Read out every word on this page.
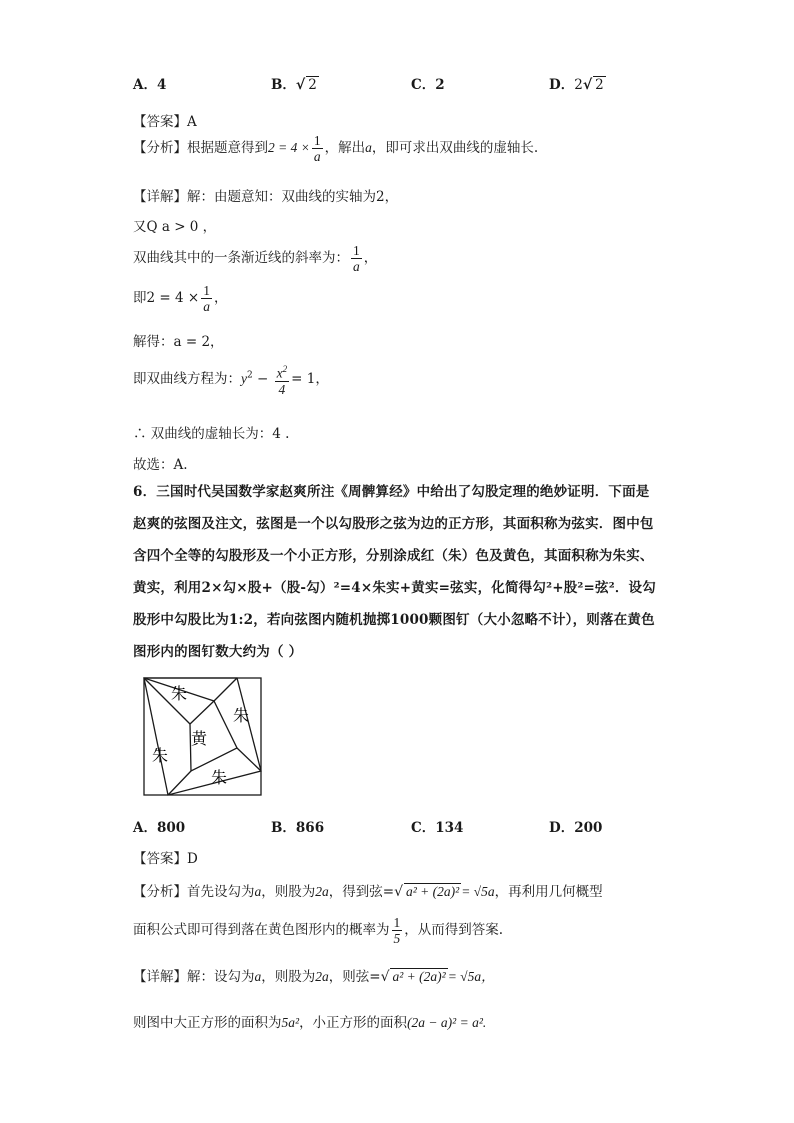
A．4	B．√ 2	C．2	D．2√ 2
【答案】A
【分析】根据题意得到$2 = 4 \times \frac{1}{a}$ ，解出a，即可求出双曲线的虚轴长.
【详解】解：由题意知：双曲线的实轴为2，
又Q a > 0 ，
双曲线其中的一条渐近线的斜率为： $\frac{1}{a}$ ，
即$2 = 4 \times \frac{1}{a}$ ，
解得：a = 2，
即双曲线方程为：$y^2 - \frac{x^2}{4} = 1$，
∴ 双曲线的虚轴长为：4 .
故选：A.
6．三国时代吴国数学家赵爽所注《周髀算经》中给出了勾股定理的绝妙证明．下面是赵爽的弦图及注文，弦图是一个以勾股形之弦为边的正方形，其面积称为弦实．图中包含四个全等的勾股形及一个小正方形，分别涂成红（朱）色及黄色，其面积称为朱实、黄实，利用2×勾×股+（股-勾）²=4×朱实+黄实=弦实，化简得勾²+股²=弦²．设勾股形中勾股比为1:2，若向弦图内随机抛掷1000颗图钉（大小忽略不计），则落在黄色图形内的图钉数大约为（ ）
朱
朱
黄
朱
朱
A．800	B．866	C．134	D．200
【答案】D
【分析】首先设勾为a，则股为2a，得到弦=√ a² + (2a)² = √5a，再利用几何概型
面积公式即可得到落在黄色图形内的概率为 $\frac{1}{5}$ ，从而得到答案.
【详解】解：设勾为a，则股为2a，则弦=√ a² + (2a)² = √5a，
则图中大正方形的面积为5a²，小正方形的面积(2a − a)² = a².
